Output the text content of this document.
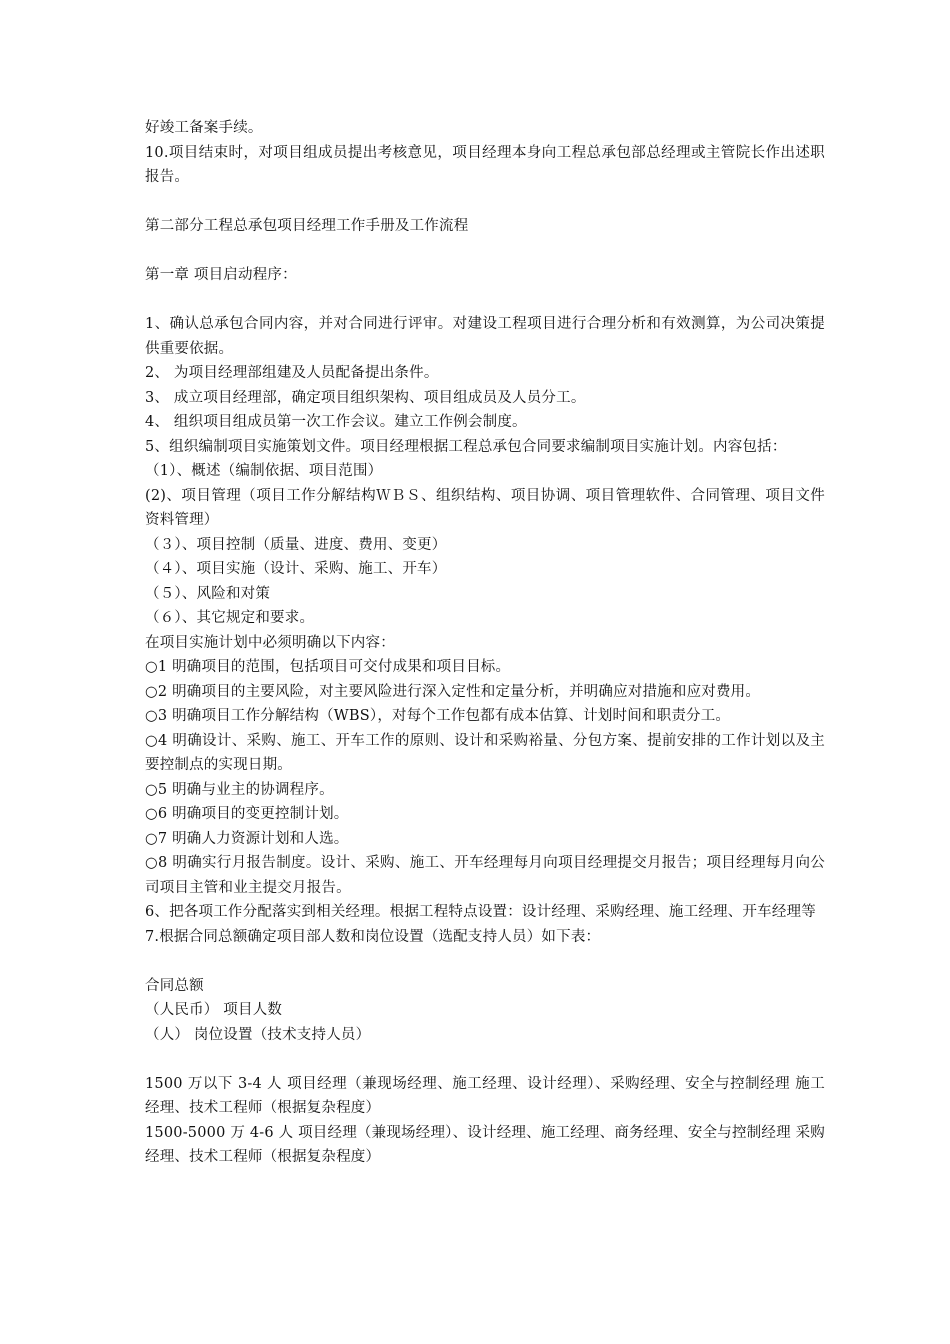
好竣工备案手续。

10.项目结束时，对项目组成员提出考核意见，项目经理本身向工程总承包部总经理或主管院长作出述职报告。

第二部分工程总承包项目经理工作手册及工作流程

第一章 项目启动程序：

1、确认总承包合同内容，并对合同进行评审。对建设工程项目进行合理分析和有效测算，为公司决策提供重要依据。

2、 为项目经理部组建及人员配备提出条件。

3、 成立项目经理部，确定项目组织架构、项目组成员及人员分工。

4、 组织项目组成员第一次工作会议。建立工作例会制度。

5、组织编制项目实施策划文件。项目经理根据工程总承包合同要求编制项目实施计划。内容包括：

（1）、概述（编制依据、项目范围）

(2)、项目管理（项目工作分解结构ＷＢＳ、组织结构、项目协调、项目管理软件、合同管理、项目文件资料管理）

（３）、项目控制（质量、进度、费用、变更）

（４）、项目实施（设计、采购、施工、开车）

（５）、风险和对策

（６）、其它规定和要求。

在项目实施计划中必须明确以下内容：

○1 明确项目的范围，包括项目可交付成果和项目目标。

○2 明确项目的主要风险，对主要风险进行深入定性和定量分析，并明确应对措施和应对费用。

○3 明确项目工作分解结构（WBS），对每个工作包都有成本估算、计划时间和职责分工。

○4 明确设计、采购、施工、开车工作的原则、设计和采购裕量、分包方案、提前安排的工作计划以及主要控制点的实现日期。

○5 明确与业主的协调程序。

○6 明确项目的变更控制计划。

○7 明确人力资源计划和人选。

○8 明确实行月报告制度。设计、采购、施工、开车经理每月向项目经理提交月报告；项目经理每月向公司项目主管和业主提交月报告。

6、把各项工作分配落实到相关经理。根据工程特点设置：设计经理、采购经理、施工经理、开车经理等

7.根据合同总额确定项目部人数和岗位设置（选配支持人员）如下表：

合同总额

（人民币） 项目人数

（人） 岗位设置（技术支持人员）

1500 万以下 3-4 人 项目经理（兼现场经理、施工经理、设计经理）、采购经理、安全与控制经理 施工经理、技术工程师（根据复杂程度）

1500-5000 万 4-6 人 项目经理（兼现场经理）、设计经理、施工经理、商务经理、安全与控制经理 采购经理、技术工程师（根据复杂程度）
